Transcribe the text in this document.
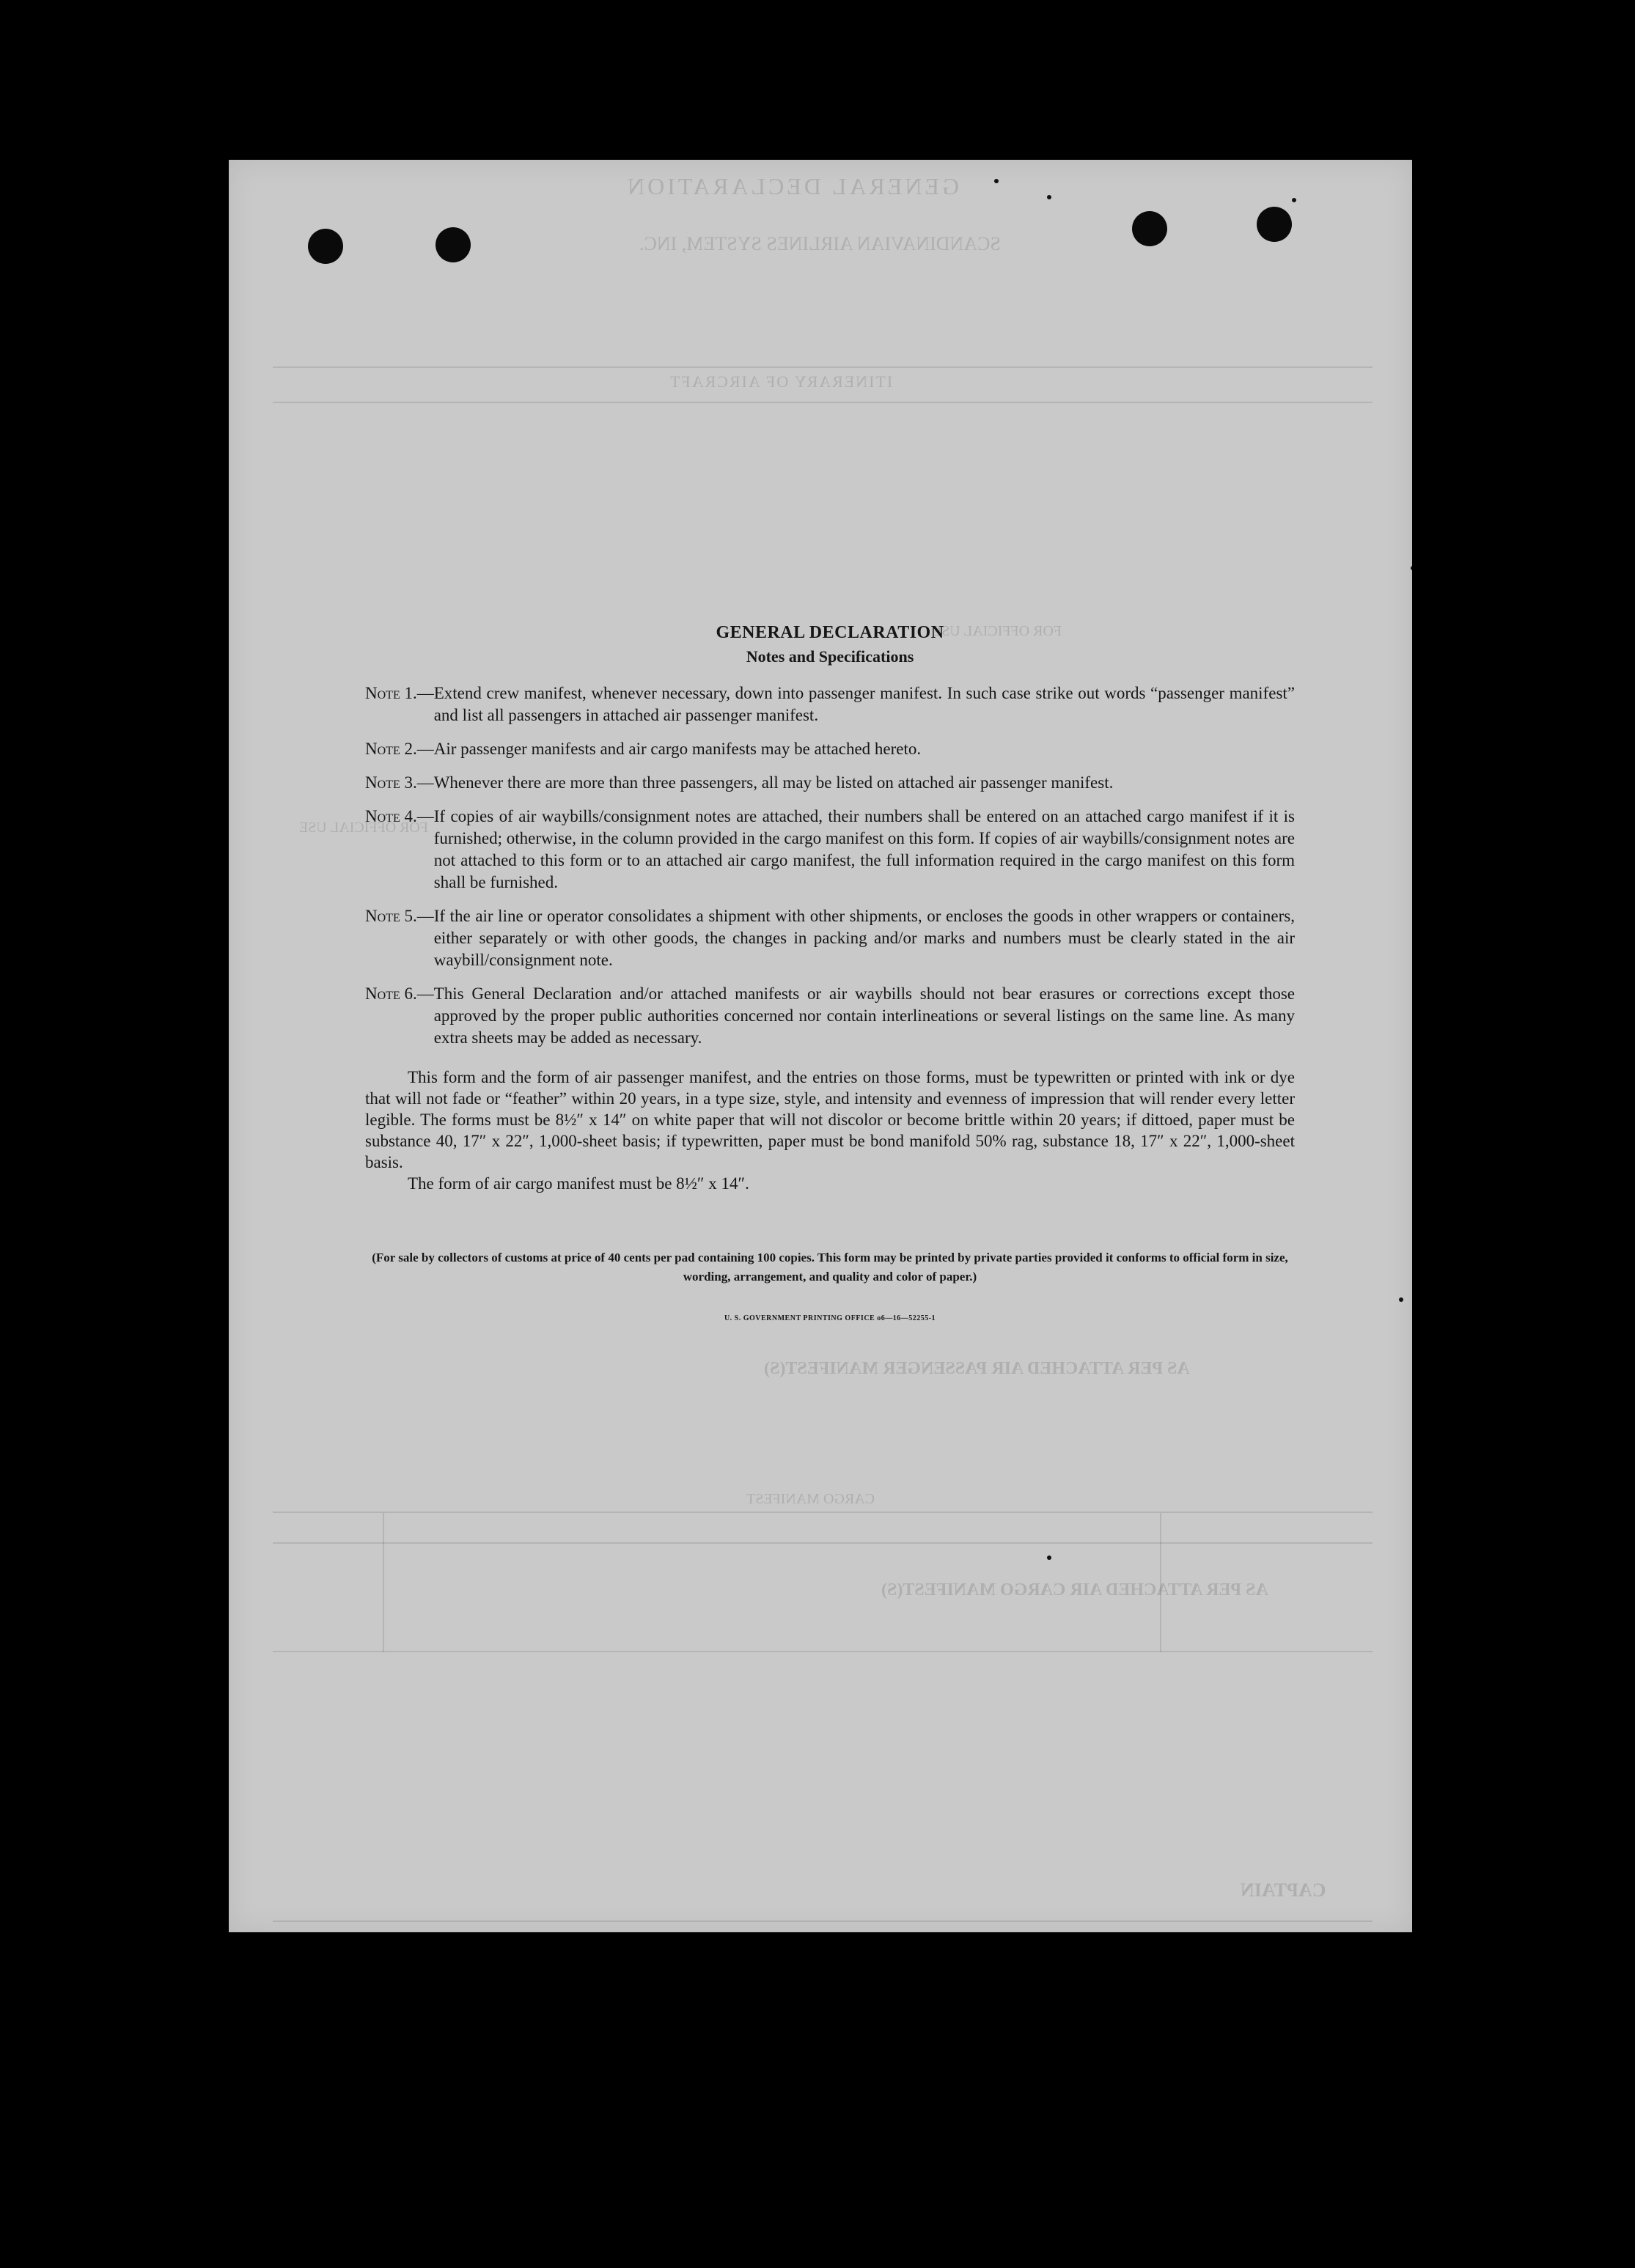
GENERAL DECLARATION
SCANDINAVIAN AIRLINES SYSTEM, INC.
ITINERARY OF AIRCRAFT
FOR OFFICIAL USE
FOR OFFICIAL USE
AS PER ATTACHED AIR PASSENGER MANIFEST(S)
CARGO MANIFEST
AS PER ATTACHED AIR CARGO MANIFEST(S)
CAPTAIN
GENERAL DECLARATION
Notes and Specifications
Note 1.— Extend crew manifest, whenever necessary, down into passenger manifest. In such case strike out words “passenger manifest” and list all passengers in attached air passenger manifest.
Note 2.— Air passenger manifests and air cargo manifests may be attached hereto.
Note 3.— Whenever there are more than three passengers, all may be listed on attached air passenger manifest.
Note 4.— If copies of air waybills/consignment notes are attached, their numbers shall be entered on an attached cargo manifest if it is furnished; otherwise, in the column provided in the cargo manifest on this form. If copies of air waybills/consignment notes are not attached to this form or to an attached air cargo manifest, the full information required in the cargo manifest on this form shall be furnished.
Note 5.— If the air line or operator consolidates a shipment with other shipments, or encloses the goods in other wrappers or containers, either separately or with other goods, the changes in packing and/or marks and numbers must be clearly stated in the air waybill/consignment note.
Note 6.— This General Declaration and/or attached manifests or air waybills should not bear erasures or corrections except those approved by the proper public authorities concerned nor contain interlineations or several listings on the same line. As many extra sheets may be added as necessary.
This form and the form of air passenger manifest, and the entries on those forms, must be typewritten or printed with ink or dye that will not fade or “feather” within 20 years, in a type size, style, and intensity and evenness of impression that will render every letter legible. The forms must be 8½″ x 14″ on white paper that will not discolor or become brittle within 20 years; if dittoed, paper must be substance 40, 17″ x 22″, 1,000-sheet basis; if typewritten, paper must be bond manifold 50% rag, substance 18, 17″ x 22″, 1,000-sheet basis.
The form of air cargo manifest must be 8½″ x 14″.
(For sale by collectors of customs at price of 40 cents per pad containing 100 copies. This form may be printed by private parties provided it conforms to official form in size, wording, arrangement, and quality and color of paper.)
U. S. GOVERNMENT PRINTING OFFICE o6—16—52255-1
